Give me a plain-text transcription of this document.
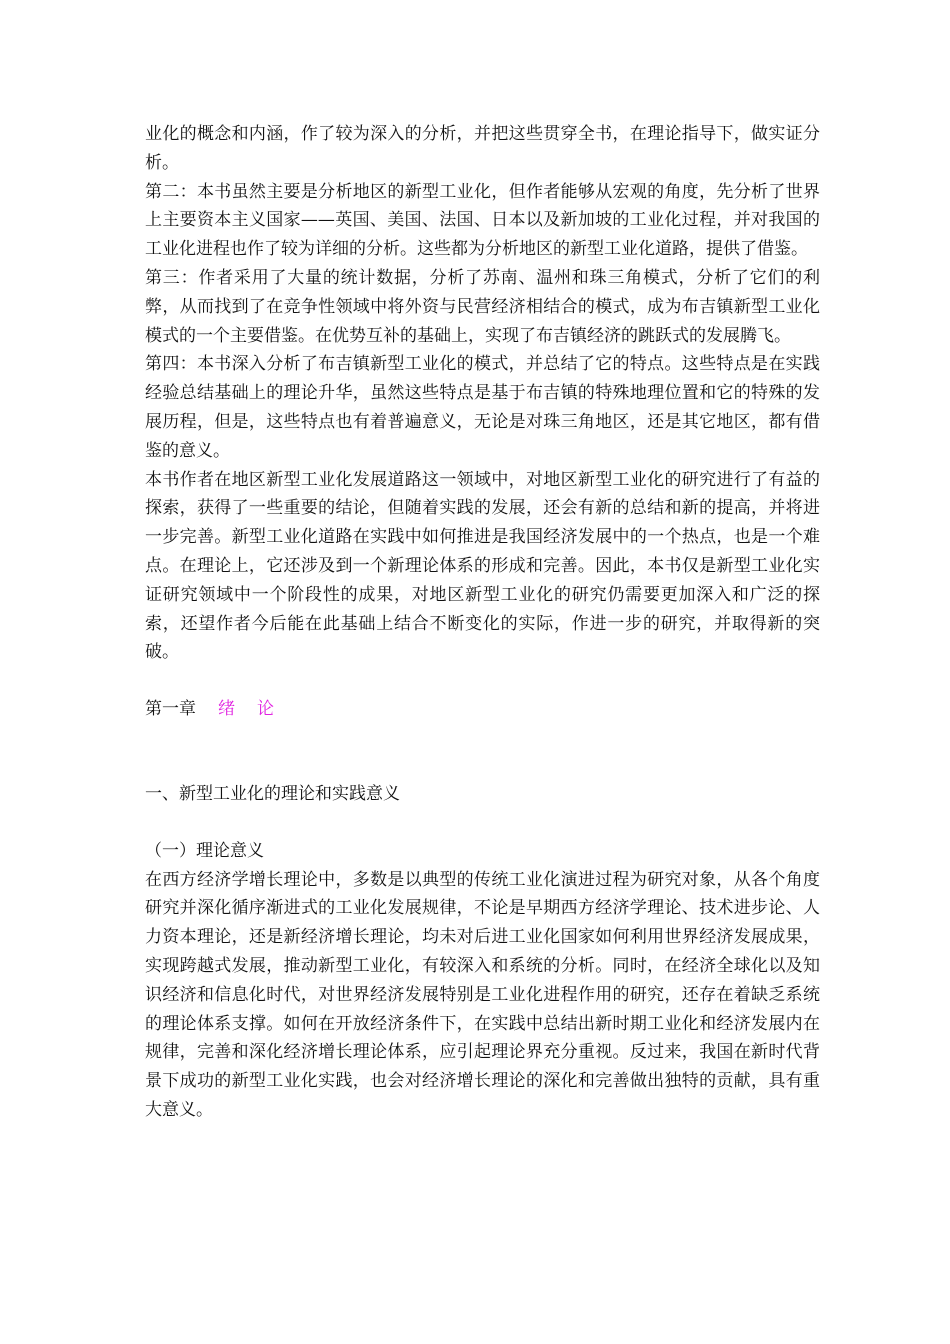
业化的概念和内涵，作了较为深入的分析，并把这些贯穿全书，在理论指导下，做实证分析。

第二：本书虽然主要是分析地区的新型工业化，但作者能够从宏观的角度，先分析了世界上主要资本主义国家——英国、美国、法国、日本以及新加坡的工业化过程，并对我国的工业化进程也作了较为详细的分析。这些都为分析地区的新型工业化道路，提供了借鉴。

第三：作者采用了大量的统计数据，分析了苏南、温州和珠三角模式，分析了它们的利弊，从而找到了在竞争性领域中将外资与民营经济相结合的模式，成为布吉镇新型工业化模式的一个主要借鉴。在优势互补的基础上，实现了布吉镇经济的跳跃式的发展腾飞。

第四：本书深入分析了布吉镇新型工业化的模式，并总结了它的特点。这些特点是在实践经验总结基础上的理论升华，虽然这些特点是基于布吉镇的特殊地理位置和它的特殊的发展历程，但是，这些特点也有着普遍意义，无论是对珠三角地区，还是其它地区，都有借鉴的意义。

本书作者在地区新型工业化发展道路这一领域中，对地区新型工业化的研究进行了有益的探索，获得了一些重要的结论，但随着实践的发展，还会有新的总结和新的提高，并将进一步完善。新型工业化道路在实践中如何推进是我国经济发展中的一个热点，也是一个难点。在理论上，它还涉及到一个新理论体系的形成和完善。因此，本书仅是新型工业化实证研究领域中一个阶段性的成果，对地区新型工业化的研究仍需要更加深入和广泛的探索，还望作者今后能在此基础上结合不断变化的实际，作进一步的研究，并取得新的突破。

第一章 绪论

一、新型工业化的理论和实践意义

（一）理论意义

在西方经济学增长理论中，多数是以典型的传统工业化演进过程为研究对象，从各个角度研究并深化循序渐进式的工业化发展规律，不论是早期西方经济学理论、技术进步论、人力资本理论，还是新经济增长理论，均未对后进工业化国家如何利用世界经济发展成果，实现跨越式发展，推动新型工业化，有较深入和系统的分析。同时，在经济全球化以及知识经济和信息化时代，对世界经济发展特别是工业化进程作用的研究，还存在着缺乏系统的理论体系支撑。如何在开放经济条件下，在实践中总结出新时期工业化和经济发展内在规律，完善和深化经济增长理论体系，应引起理论界充分重视。反过来，我国在新时代背景下成功的新型工业化实践，也会对经济增长理论的深化和完善做出独特的贡献，具有重大意义。
